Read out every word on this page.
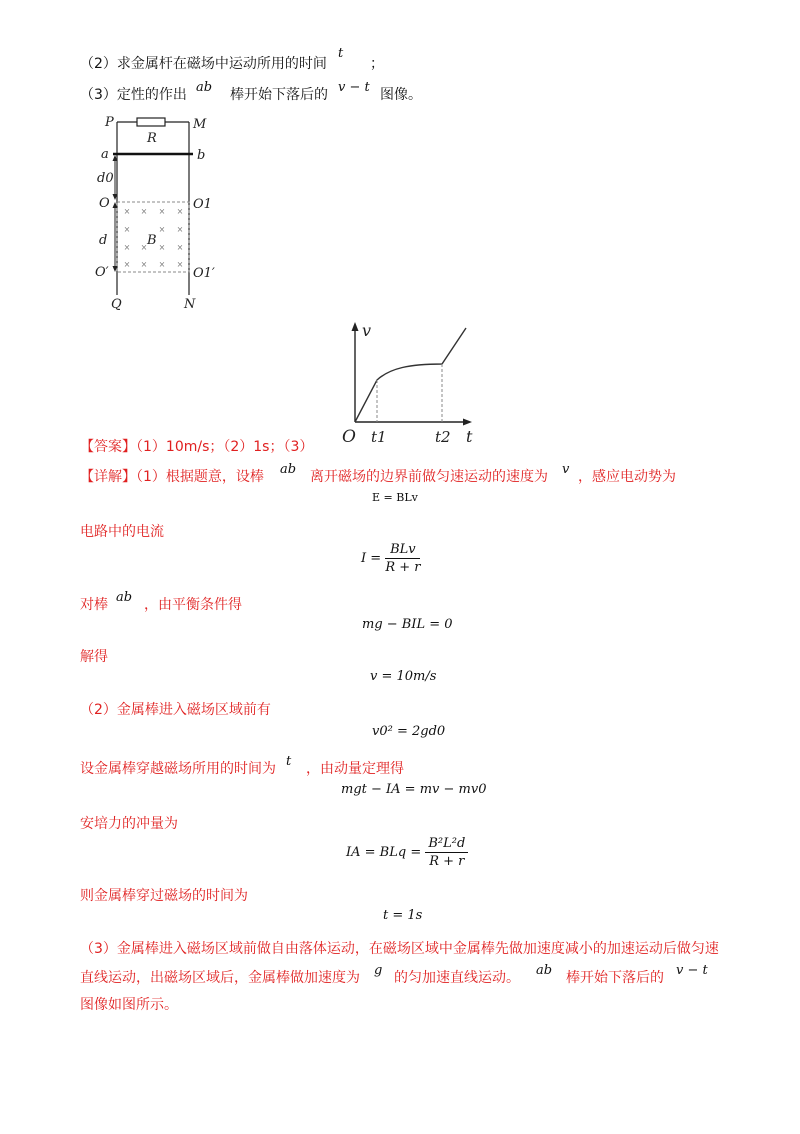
（2）求金属杆在磁场中运动所用的时间
t
；
（3）定性的作出 ab 棒开始下落后的 v − t 图像。
× × × ×
×	× ×
× × × ×
× × × ×
P	M
R
a	b
d0
O	O1
d	B
O′	O1′
Q	N
v
t
O t1	t2
【答案】（1）10m/s；（2）1s；（3）
【详解】（1）根据题意，设棒 ab 离开磁场的边界前做匀速运动的速度为 v ，感应电动势为
E = BLv
电路中的电流
$I = \frac{\text{BLv}}{R + r}$
对棒 ab ，由平衡条件得
mg − BIL = 0
解得
v = 10m/s
（2）金属棒进入磁场区域前有
v0² = 2gd0
设金属棒穿越磁场所用的时间为 t ，由动量定理得
mgt − IA = mv − mv0
安培力的冲量为
IA = BLq = $\frac{\text{B²L²d}}{R + r}$
则金属棒穿过磁场的时间为
t = 1s
（3）金属棒进入磁场区域前做自由落体运动，在磁场区域中金属棒先做加速度减小的加速运动后做匀速
直线运动，出磁场区域后，金属棒做加速度为 g 的匀加速直线运动。 ab 棒开始下落后的 v − t
图像如图所示。
